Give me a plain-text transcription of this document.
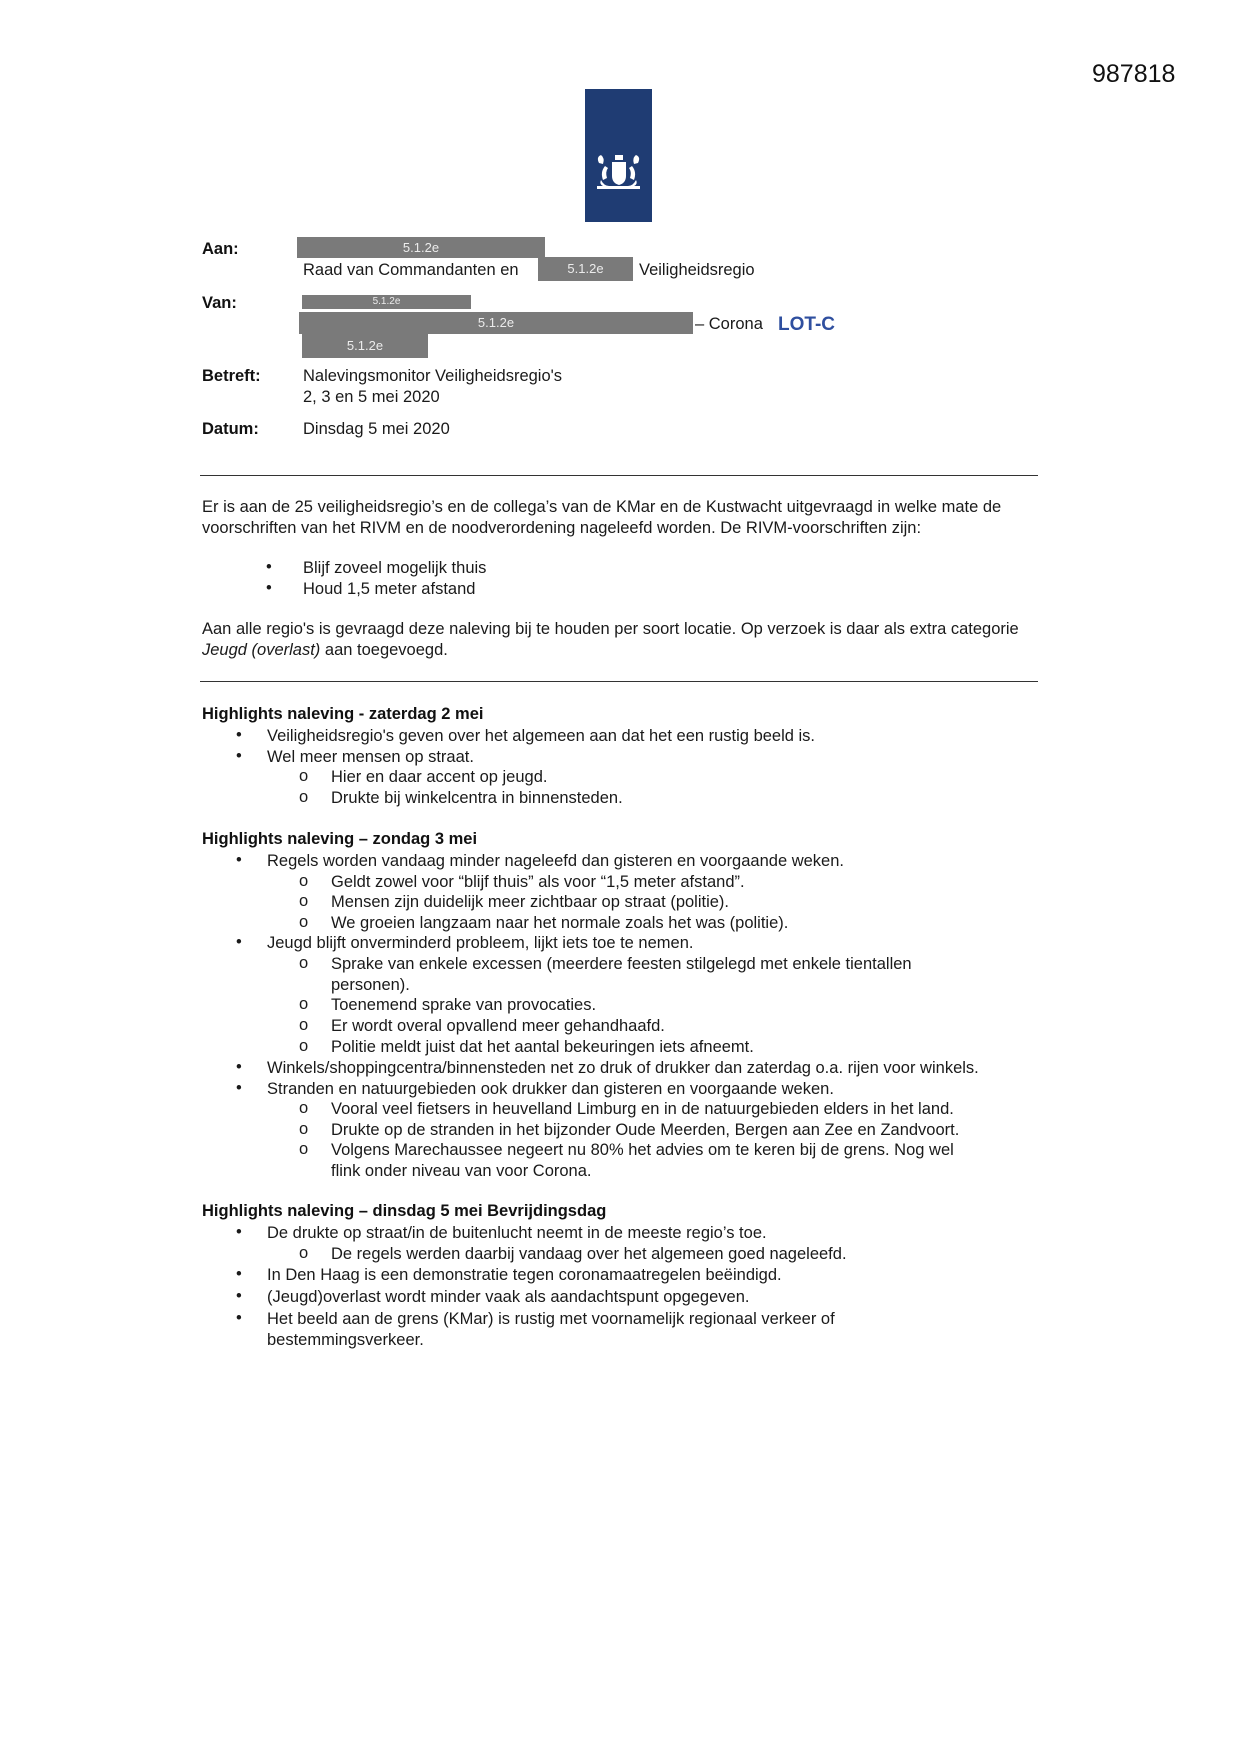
987818
Aan:	5.1.2e
Raad van Commandanten en	5.1.2e	Veiligheidsregio
Van:	5.1.2e
5.1.2e
5.1.2e
– Corona LOT-C
Betreft:	Nalevingsmonitor Veiligheidsregio's
2, 3 en 5 mei 2020
Datum:	Dinsdag 5 mei 2020
Er is aan de 25 veiligheidsregio’s en de collega’s van de KMar en de Kustwacht uitgevraagd in welke mate de voorschriften van het RIVM en de noodverordening nageleefd worden. De RIVM-voorschriften zijn:
• Blijf zoveel mogelijk thuis
• Houd 1,5 meter afstand
Aan alle regio's is gevraagd deze naleving bij te houden per soort locatie. Op verzoek is daar als extra categorie Jeugd (overlast) aan toegevoegd.
Highlights naleving - zaterdag 2 mei
• Veiligheidsregio's geven over het algemeen aan dat het een rustig beeld is.
• Wel meer mensen op straat.
o Hier en daar accent op jeugd.
o Drukte bij winkelcentra in binnensteden.
Highlights naleving – zondag 3 mei
• Regels worden vandaag minder nageleefd dan gisteren en voorgaande weken.
o Geldt zowel voor “blijf thuis” als voor “1,5 meter afstand”.
o Mensen zijn duidelijk meer zichtbaar op straat (politie).
o We groeien langzaam naar het normale zoals het was (politie).
• Jeugd blijft onverminderd probleem, lijkt iets toe te nemen.
o Sprake van enkele excessen (meerdere feesten stilgelegd met enkele tientallen personen).
o Toenemend sprake van provocaties.
o Er wordt overal opvallend meer gehandhaafd.
o Politie meldt juist dat het aantal bekeuringen iets afneemt.
• Winkels/shoppingcentra/binnensteden net zo druk of drukker dan zaterdag o.a. rijen voor winkels.
• Stranden en natuurgebieden ook drukker dan gisteren en voorgaande weken.
o Vooral veel fietsers in heuvelland Limburg en in de natuurgebieden elders in het land.
o Drukte op de stranden in het bijzonder Oude Meerden, Bergen aan Zee en Zandvoort.
o Volgens Marechaussee negeert nu 80% het advies om te keren bij de grens. Nog wel flink onder niveau van voor Corona.
Highlights naleving – dinsdag 5 mei Bevrijdingsdag
• De drukte op straat/in de buitenlucht neemt in de meeste regio’s toe.
o De regels werden daarbij vandaag over het algemeen goed nageleefd.
• In Den Haag is een demonstratie tegen coronamaatregelen beëindigd.
• (Jeugd)overlast wordt minder vaak als aandachtspunt opgegeven.
• Het beeld aan de grens (KMar) is rustig met voornamelijk regionaal verkeer of bestemmingsverkeer.
